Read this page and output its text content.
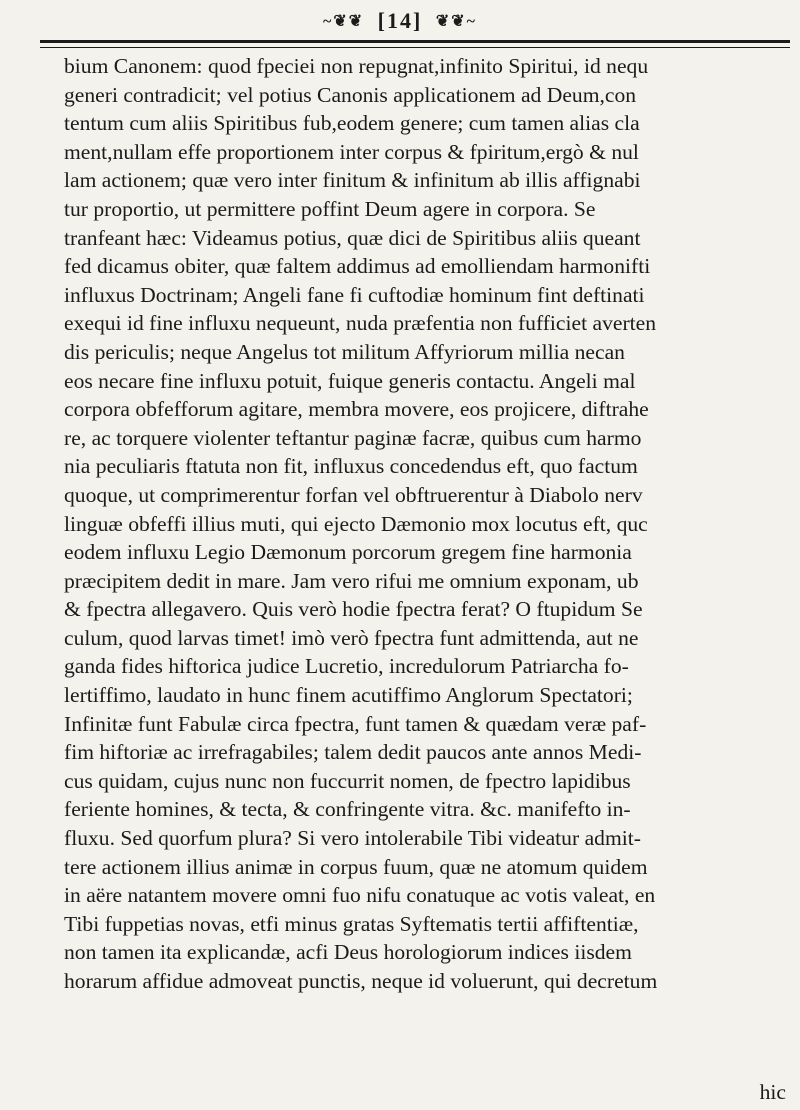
~❦❦ [14] ❦❦~
bium Canonem: quod fpeciei non repugnat,infinito Spiritui, id nequ
generi contradicit; vel potius Canonis applicationem ad Deum,con
tentum cum aliis Spiritibus fub,eodem genere; cum tamen alias cla
ment,nullam effe proportionem inter corpus & fpiritum,ergò & nul
lam actionem; quæ vero inter finitum & infinitum ab illis affignabi
tur proportio, ut permittere poffint Deum agere in corpora. Se
tranfeant hæc: Videamus potius, quæ dici de Spiritibus aliis queant
fed dicamus obiter, quæ faltem addimus ad emolliendam harmonifti
influxus Doctrinam; Angeli fane fi cuftodiæ hominum fint deftinati
exequi id fine influxu nequeunt, nuda præfentia non fufficiet averten
dis periculis; neque Angelus tot militum Affyriorum millia necan
eos necare fine influxu potuit, fuique generis contactu. Angeli mal
corpora obfefforum agitare, membra movere, eos projicere, diftrahe
re, ac torquere violenter teftantur paginæ facræ, quibus cum harmo
nia peculiaris ftatuta non fit, influxus concedendus eft, quo factum
quoque, ut comprimerentur forfan vel obftruerentur à Diabolo nerv
linguæ obfeffi illius muti, qui ejecto Dæmonio mox locutus eft, quc
eodem influxu Legio Dæmonum porcorum gregem fine harmonia
præcipitem dedit in mare. Jam vero rifui me omnium exponam, ub
& fpectra allegavero. Quis verò hodie fpectra ferat? O ftupidum Se
culum, quod larvas timet! imò verò fpectra funt admittenda, aut ne
ganda fides hiftorica judice Lucretio, incredulorum Patriarcha fo-
lertiffimo, laudato in hunc finem acutiffimo Anglorum Spectatori;
Infinitæ funt Fabulæ circa fpectra, funt tamen & quædam veræ paf-
fim hiftoriæ ac irrefragabiles; talem dedit paucos ante annos Medi-
cus quidam, cujus nunc non fuccurrit nomen, de fpectro lapidibus
feriente homines, & tecta, & confringente vitra. &c. manifefto in-
fluxu. Sed quorfum plura? Si vero intolerabile Tibi videatur admit-
tere actionem illius animæ in corpus fuum, quæ ne atomum quidem
in aëre natantem movere omni fuo nifu conatuque ac votis valeat, en
Tibi fuppetias novas, etfi minus gratas Syftematis tertii affiftentiæ,
non tamen ita explicandæ, acfi Deus horologiorum indices iisdem
horarum affidue admoveat punctis, neque id voluerunt, qui decretum
hic
